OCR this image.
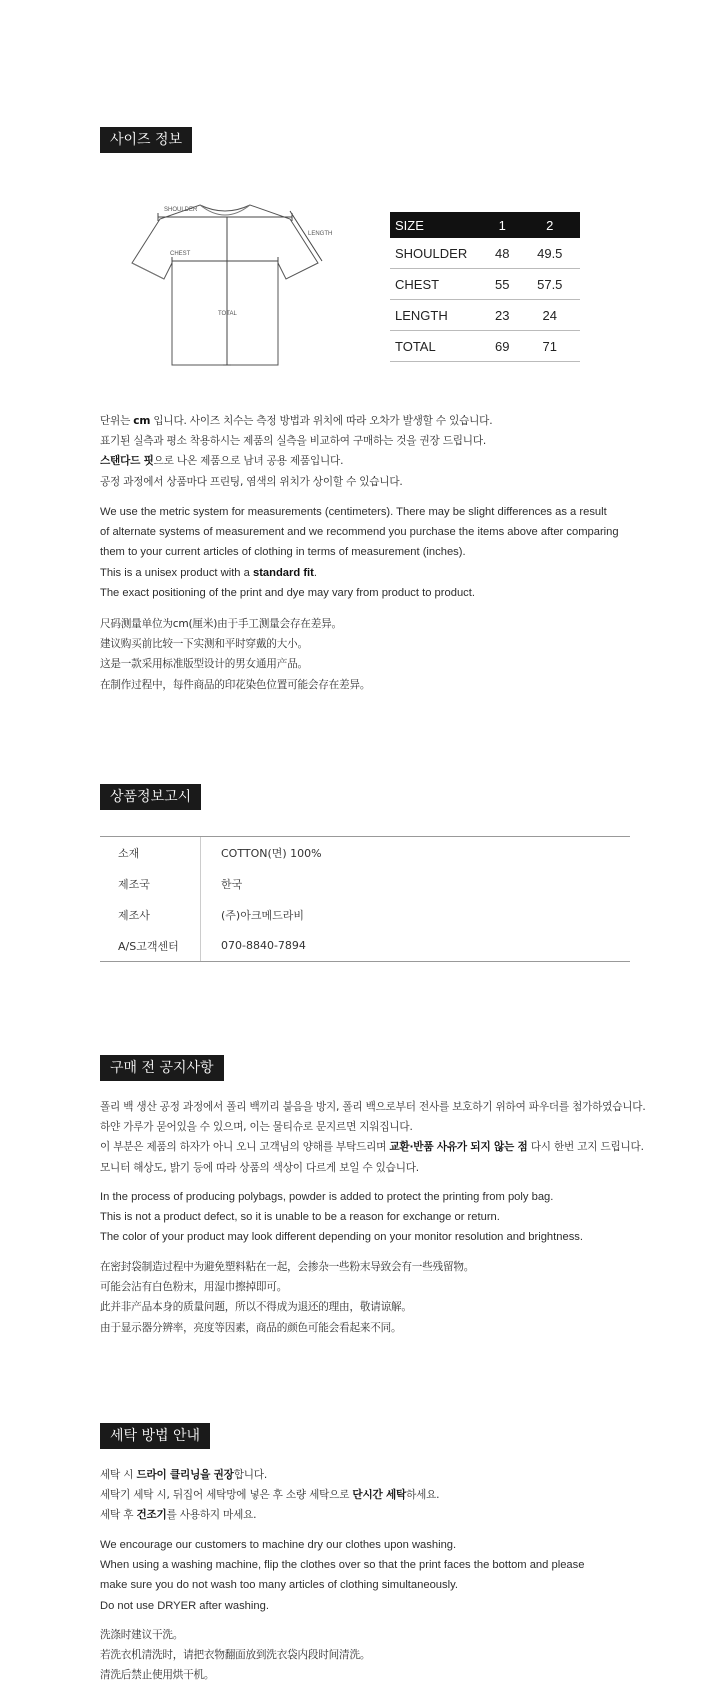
사이즈 정보
SHOULDER
LENGTH
CHEST
TOTAL
SIZE	1	2
SHOULDER	48	49.5
CHEST	55	57.5
LENGTH	23	24
TOTAL	69	71

단위는 cm 입니다. 사이즈 치수는 측정 방법과 위치에 따라 오차가 발생할 수 있습니다.

표기된 실측과 평소 착용하시는 제품의 실측을 비교하여 구매하는 것을 권장 드립니다.

스탠다드 핏으로 나온 제품으로 남녀 공용 제품입니다.

공정 과정에서 상품마다 프린팅, 염색의 위치가 상이할 수 있습니다.

We use the metric system for measurements (centimeters). There may be slight differences as a result

of alternate systems of measurement and we recommend you purchase the items above after comparing

them to your current articles of clothing in terms of measurement (inches).

This is a unisex product with a standard fit.

The exact positioning of the print and dye may vary from product to product.

尺码测量单位为cm(厘米)由于手工测量会存在差异。

建议购买前比较一下实测和平时穿戴的大小。

这是一款采用标准版型设计的男女通用产品。

在制作过程中，每件商品的印花染色位置可能会存在差异。

상품정보고시
소재	COTTON(면) 100%
제조국	한국
제조사	(주)아크메드라비
A/S고객센터	070-8840-7894
구매 전 공지사항

폴리 백 생산 공정 과정에서 폴리 백끼리 붙음을 방지, 폴리 백으로부터 전사를 보호하기 위하여 파우더를 첨가하였습니다.

하얀 가루가 묻어있을 수 있으며, 이는 물티슈로 문지르면 지워집니다.

이 부분은 제품의 하자가 아니 오니 고객님의 양해를 부탁드리며 교환·반품 사유가 되지 않는 점 다시 한번 고지 드립니다.

모니터 해상도, 밝기 등에 따라 상품의 색상이 다르게 보일 수 있습니다.

In the process of producing polybags, powder is added to protect the printing from poly bag.

This is not a product defect, so it is unable to be a reason for exchange or return.

The color of your product may look different depending on your monitor resolution and brightness.

在密封袋制造过程中为避免塑料粘在一起，会掺杂一些粉末导致会有一些残留物。

可能会沾有白色粉末，用湿巾擦掉即可。

此并非产品本身的质量问题，所以不得成为退还的理由，敬请谅解。

由于显示器分辨率，亮度等因素，商品的颜色可能会看起来不同。

세탁 방법 안내

세탁 시 드라이 클리닝을 권장합니다.

세탁기 세탁 시, 뒤집어 세탁망에 넣은 후 소량 세탁으로 단시간 세탁하세요.

세탁 후 건조기를 사용하지 마세요.

We encourage our customers to machine dry our clothes upon washing.

When using a washing machine, flip the clothes over so that the print faces the bottom and please

make sure you do not wash too many articles of clothing simultaneously.

Do not use DRYER after washing.

洗涤时建议干洗。

若洗衣机清洗时，请把衣物翻面放到洗衣袋内段时间清洗。

清洗后禁止使用烘干机。
